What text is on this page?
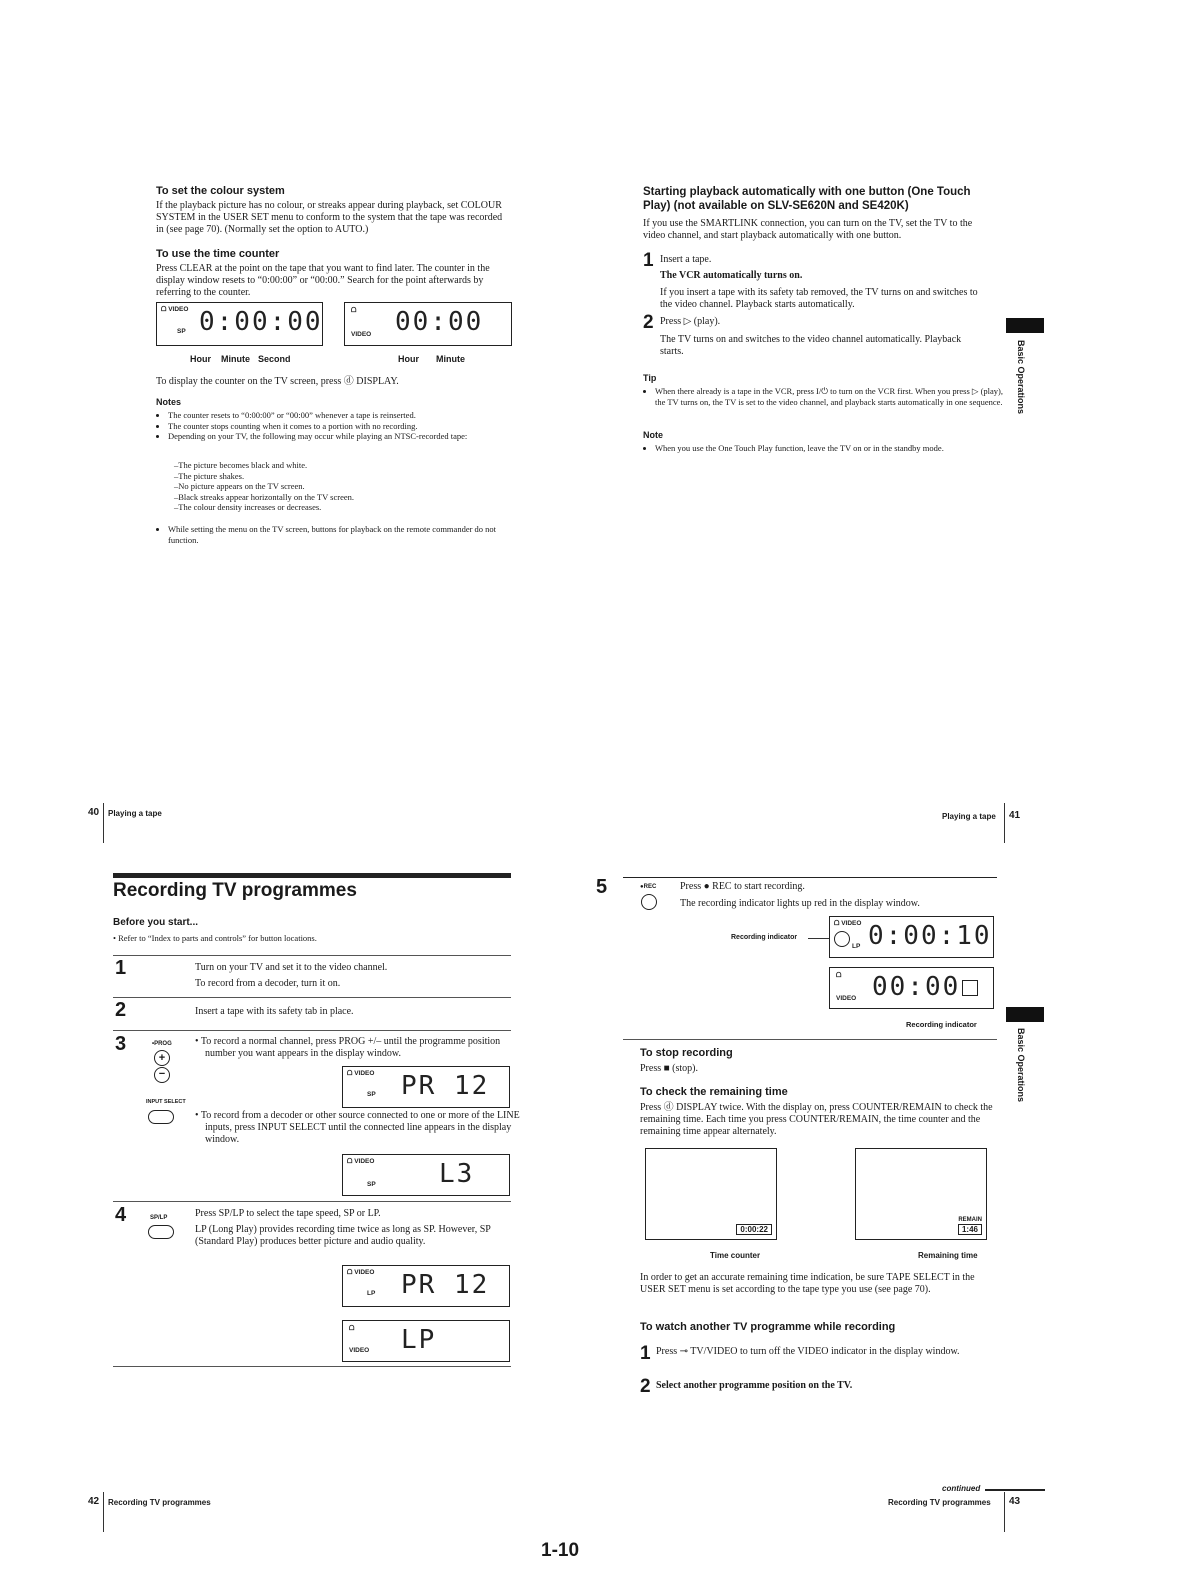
To set the colour system
If the playback picture has no colour, or streaks appear during playback, set COLOUR SYSTEM in the USER SET menu to conform to the system that the tape was recorded in (see page 70). (Normally set the option to AUTO.)
To use the time counter
Press CLEAR at the point on the tape that you want to find later. The counter in the display window resets to “0:00:00” or “00:00.” Search for the point afterwards by referring to the counter.
ᗝ VIDEO
SP 0:00:00	ᗝ
VIDEO 00:00
Hour Minute Second	Hour Minute
To display the counter on the TV screen, press ⓓ DISPLAY.
Notes
• The counter resets to “0:00:00” or “00:00” whenever a tape is reinserted.
• The counter stops counting when it comes to a portion with no recording.
• Depending on your TV, the following may occur while playing an NTSC-recorded tape:
–The picture becomes black and white.
–The picture shakes.
–No picture appears on the TV screen.
–Black streaks appear horizontally on the TV screen.
–The colour density increases or decreases.
• While setting the menu on the TV screen, buttons for playback on the remote commander do not function.
40 Playing a tape
Starting playback automatically with one button (One Touch Play) (not available on SLV-SE620N and SE420K)
If you use the SMARTLINK connection, you can turn on the TV, set the TV to the video channel, and start playback automatically with one button.
1 Insert a tape.
The VCR automatically turns on.
If you insert a tape with its safety tab removed, the TV turns on and switches to the video channel. Playback starts automatically.
2 Press ▷ (play).
The TV turns on and switches to the video channel automatically. Playback starts.
Tip
• When there already is a tape in the VCR, press I/⏻ to turn on the VCR first. When you press ▷ (play), the TV turns on, the TV is set to the video channel, and playback starts automatically in one sequence.
Note
• When you use the One Touch Play function, leave the TV on or in the standby mode.
Basic Operations
Playing a tape 41
Recording TV programmes
Before you start...
• Refer to “Index to parts and controls” for button locations.
1	Turn on your TV and set it to the video channel.
To record from a decoder, turn it on.
2	Insert a tape with its safety tab in place.
3	•PROG
+
−
INPUT SELECT
• To record a normal channel, press PROG +/– until the programme position number you want appears in the display window.
ᗝ VIDEO
SP PR 12
• To record from a decoder or other source connected to one or more of the LINE inputs, press INPUT SELECT until the connected line appears in the display window.
ᗝ VIDEO
SP L3
4	SP/LP	Press SP/LP to select the tape speed, SP or LP.
LP (Long Play) provides recording time twice as long as SP. However, SP (Standard Play) produces better picture and audio quality.
ᗝ VIDEO
LP PR 12
ᗝ
VIDEO LP
42 Recording TV programmes
5	●REC Press ● REC to start recording.
The recording indicator lights up red in the display window.
Recording indicator
ᗝ VIDEO
LP 0:00:10
ᗝ
VIDEO 00:00
Recording indicator
To stop recording
Press ■ (stop).
To check the remaining time
Press ⓓ DISPLAY twice. With the display on, press COUNTER/REMAIN to check the remaining time. Each time you press COUNTER/REMAIN, the time counter and the remaining time appear alternately.
0:00:22
REMAIN
1:46
Time counter	Remaining time
In order to get an accurate remaining time indication, be sure TAPE SELECT in the USER SET menu is set according to the tape type you use (see page 70).
To watch another TV programme while recording
1 Press ⊸ TV/VIDEO to turn off the VIDEO indicator in the display window.
2 Select another programme position on the TV.
Basic Operations
continued
Recording TV programmes 43
1-10
